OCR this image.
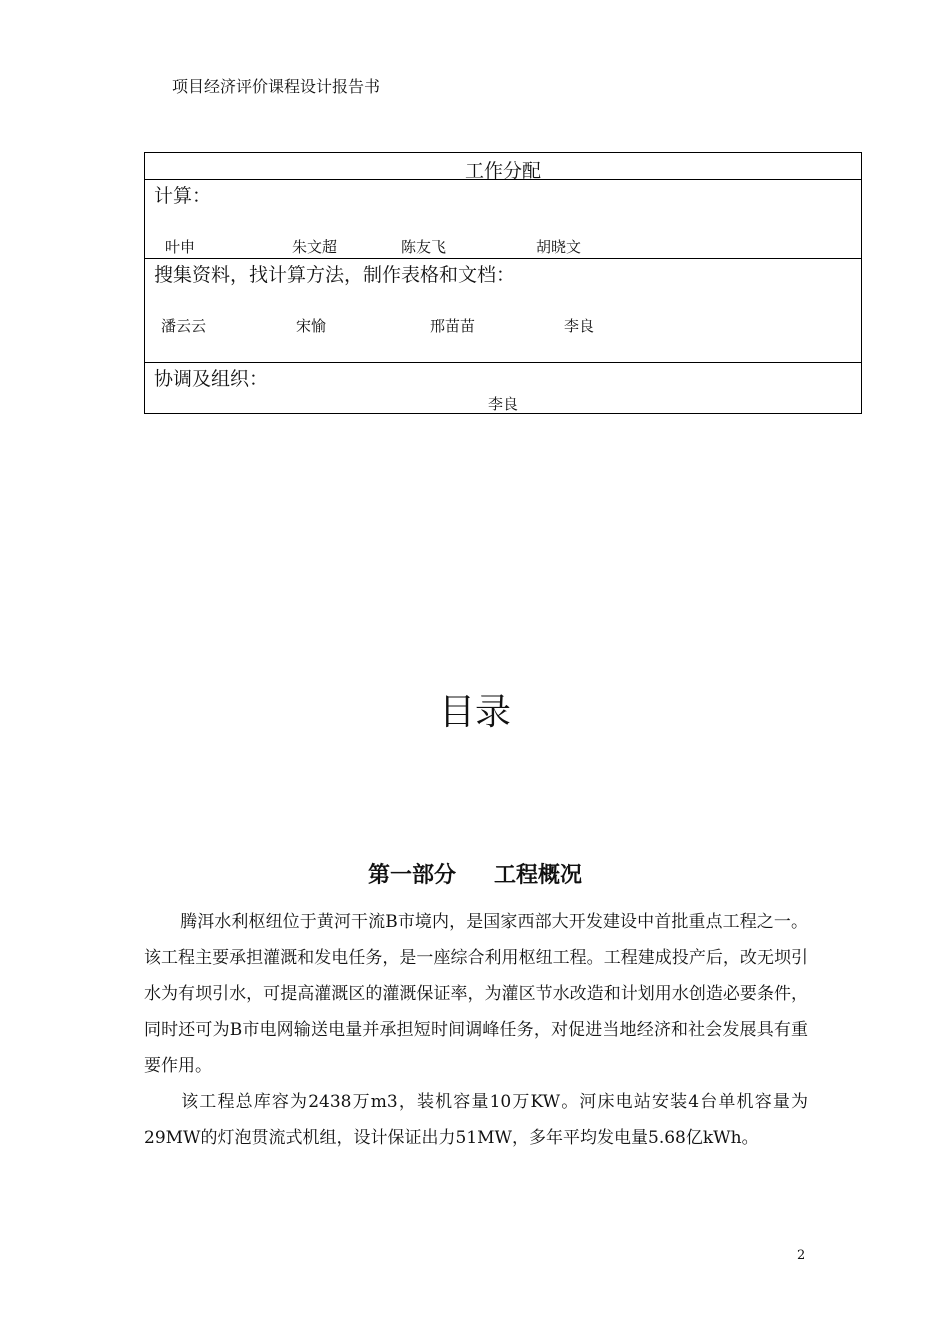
项目经济评价课程设计报告书
工作分配
计算：
叶申	朱文超	陈友飞	胡晓文
搜集资料，找计算方法，制作表格和文档：
潘云云	宋愉	邢苗苗	李良
协调及组织：
李良
目录
第一部分 工程概况

腾洱水利枢纽位于黄河干流B市境内，是国家西部大开发建设中首批重点工程之一。该工程主要承担灌溉和发电任务，是一座综合利用枢纽工程。工程建成投产后，改无坝引水为有坝引水，可提高灌溉区的灌溉保证率，为灌区节水改造和计划用水创造必要条件，同时还可为B市电网输送电量并承担短时间调峰任务，对促进当地经济和社会发展具有重要作用。

该工程总库容为2438万m3，装机容量10万KW。河床电站安装4台单机容量为29MW的灯泡贯流式机组，设计保证出力51MW，多年平均发电量5.68亿kWh。

2
